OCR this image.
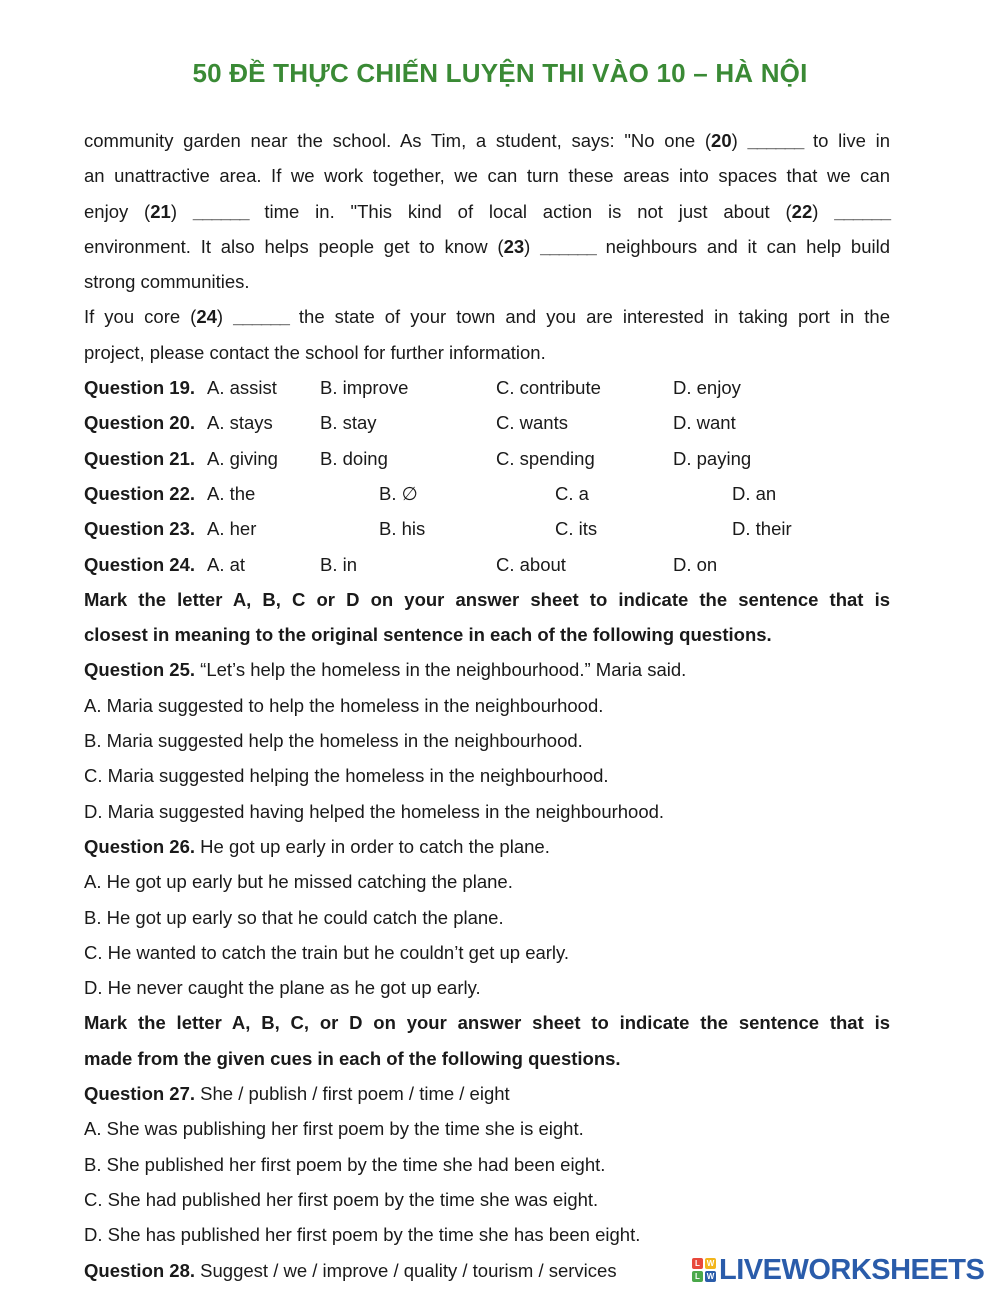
50 ĐỀ THỰC CHIẾN LUYỆN THI VÀO 10 – HÀ NỘI
community garden near the school. As Tim, a student, says: "No one (20) ______ to live in
an unattractive area. If we work together, we can turn these areas into spaces that we can
enjoy (21) ______ time in. "This kind of local action is not just about (22) ______
environment. It also helps people get to know (23) ______ neighbours and it can help build
strong communities.
If you core (24) ______ the state of your town and you are interested in taking port in the
project, please contact the school for further information.
Question 19. A. assist B. improve	C. contribute	D. enjoy
Question 20. A. stays	B. stay	C. wants	D. want
Question 21. A. giving B. doing	C. spending	D. paying
Question 22. A. the	B. ∅	C. a	D. an
Question 23. A. her	B. his	C. its	D. their
Question 24. A. at	B. in	C. about	D. on
Mark the letter A, B, C or D on your answer sheet to indicate the sentence that is
closest in meaning to the original sentence in each of the following questions.
Question 25. “Let’s help the homeless in the neighbourhood.” Maria said.
A. Maria suggested to help the homeless in the neighbourhood.
B. Maria suggested help the homeless in the neighbourhood.
C. Maria suggested helping the homeless in the neighbourhood.
D. Maria suggested having helped the homeless in the neighbourhood.
Question 26. He got up early in order to catch the plane.
A. He got up early but he missed catching the plane.
B. He got up early so that he could catch the plane.
C. He wanted to catch the train but he couldn’t get up early.
D. He never caught the plane as he got up early.
Mark the letter A, B, C, or D on your answer sheet to indicate the sentence that is
made from the given cues in each of the following questions.
Question 27. She / publish / first poem / time / eight
A. She was publishing her first poem by the time she is eight.
B. She published her first poem by the time she had been eight.
C. She had published her first poem by the time she was eight.
D. She has published her first poem by the time she has been eight.
Question 28. Suggest / we / improve / quality / tourism / services	L W
L W LIVEWORKSHEETS
